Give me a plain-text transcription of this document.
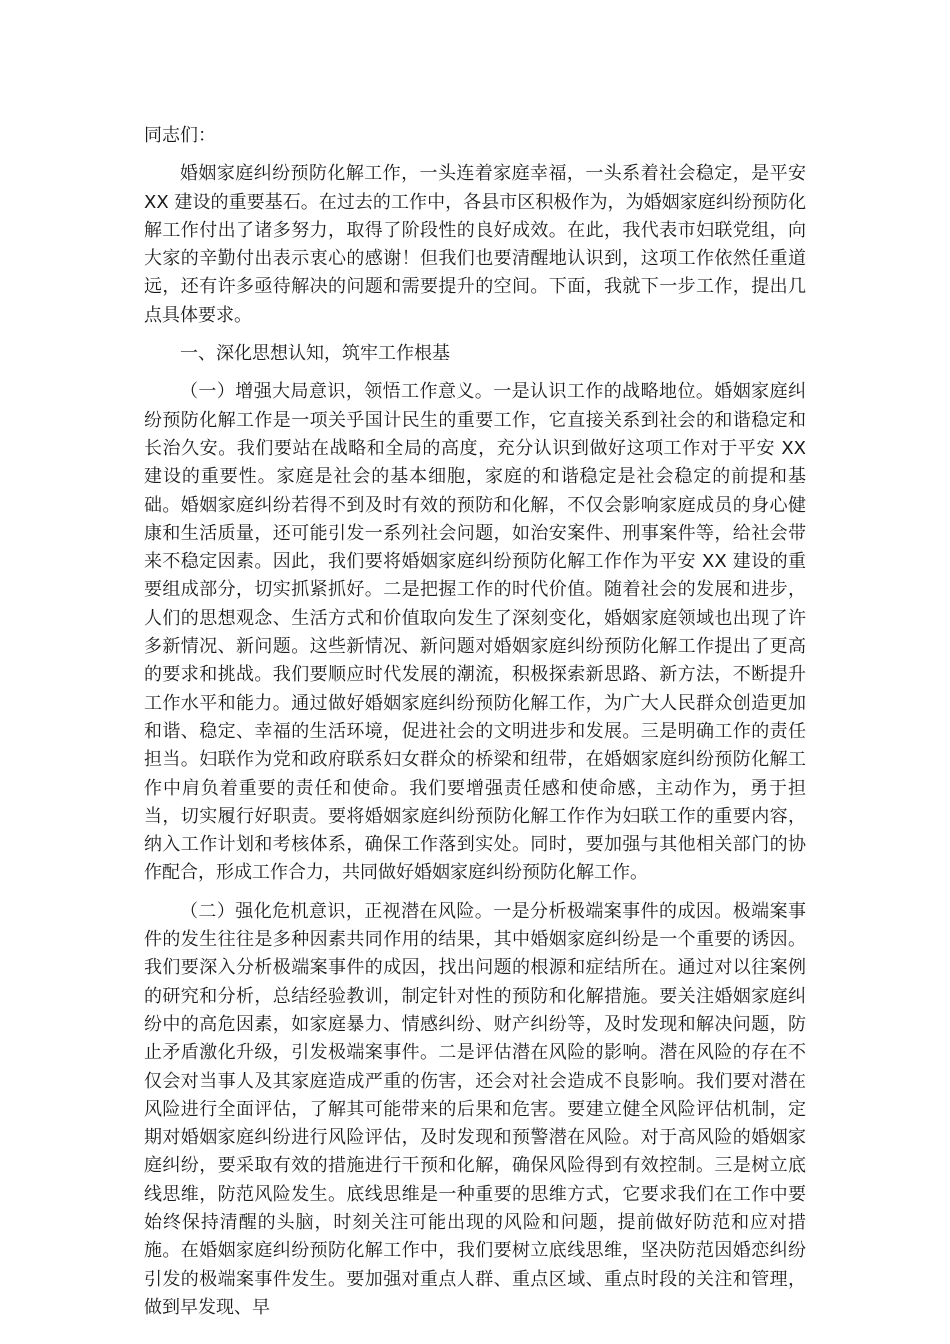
同志们：

婚姻家庭纠纷预防化解工作，一头连着家庭幸福，一头系着社会稳定，是平安 XX 建设的重要基石。在过去的工作中，各县市区积极作为，为婚姻家庭纠纷预防化解工作付出了诸多努力，取得了阶段性的良好成效。在此，我代表市妇联党组，向大家的辛勤付出表示衷心的感谢！但我们也要清醒地认识到，这项工作依然任重道远，还有许多亟待解决的问题和需要提升的空间。下面，我就下一步工作，提出几点具体要求。

一、深化思想认知，筑牢工作根基

（一）增强大局意识，领悟工作意义。一是认识工作的战略地位。婚姻家庭纠纷预防化解工作是一项关乎国计民生的重要工作，它直接关系到社会的和谐稳定和长治久安。我们要站在战略和全局的高度，充分认识到做好这项工作对于平安 XX 建设的重要性。家庭是社会的基本细胞，家庭的和谐稳定是社会稳定的前提和基础。婚姻家庭纠纷若得不到及时有效的预防和化解，不仅会影响家庭成员的身心健康和生活质量，还可能引发一系列社会问题，如治安案件、刑事案件等，给社会带来不稳定因素。因此，我们要将婚姻家庭纠纷预防化解工作作为平安 XX 建设的重要组成部分，切实抓紧抓好。二是把握工作的时代价值。随着社会的发展和进步，人们的思想观念、生活方式和价值取向发生了深刻变化，婚姻家庭领域也出现了许多新情况、新问题。这些新情况、新问题对婚姻家庭纠纷预防化解工作提出了更高的要求和挑战。我们要顺应时代发展的潮流，积极探索新思路、新方法，不断提升工作水平和能力。通过做好婚姻家庭纠纷预防化解工作，为广大人民群众创造更加和谐、稳定、幸福的生活环境，促进社会的文明进步和发展。三是明确工作的责任担当。妇联作为党和政府联系妇女群众的桥梁和纽带，在婚姻家庭纠纷预防化解工作中肩负着重要的责任和使命。我们要增强责任感和使命感，主动作为，勇于担当，切实履行好职责。要将婚姻家庭纠纷预防化解工作作为妇联工作的重要内容，纳入工作计划和考核体系，确保工作落到实处。同时，要加强与其他相关部门的协作配合，形成工作合力，共同做好婚姻家庭纠纷预防化解工作。

（二）强化危机意识，正视潜在风险。一是分析极端案事件的成因。极端案事件的发生往往是多种因素共同作用的结果，其中婚姻家庭纠纷是一个重要的诱因。我们要深入分析极端案事件的成因，找出问题的根源和症结所在。通过对以往案例的研究和分析，总结经验教训，制定针对性的预防和化解措施。要关注婚姻家庭纠纷中的高危因素，如家庭暴力、情感纠纷、财产纠纷等，及时发现和解决问题，防止矛盾激化升级，引发极端案事件。二是评估潜在风险的影响。潜在风险的存在不仅会对当事人及其家庭造成严重的伤害，还会对社会造成不良影响。我们要对潜在风险进行全面评估，了解其可能带来的后果和危害。要建立健全风险评估机制，定期对婚姻家庭纠纷进行风险评估，及时发现和预警潜在风险。对于高风险的婚姻家庭纠纷，要采取有效的措施进行干预和化解，确保风险得到有效控制。三是树立底线思维，防范风险发生。底线思维是一种重要的思维方式，它要求我们在工作中要始终保持清醒的头脑，时刻关注可能出现的风险和问题，提前做好防范和应对措施。在婚姻家庭纠纷预防化解工作中，我们要树立底线思维，坚决防范因婚恋纠纷引发的极端案事件发生。要加强对重点人群、重点区域、重点时段的关注和管理，做到早发现、早
